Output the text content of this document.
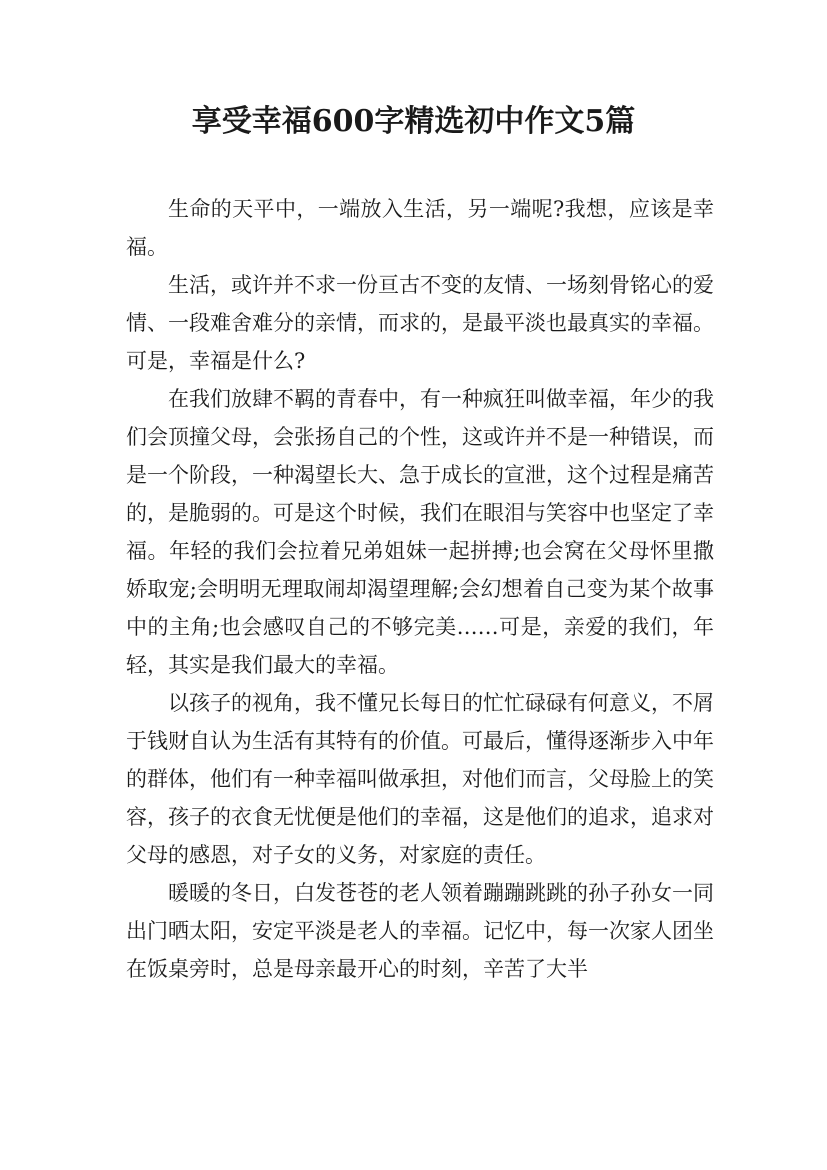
享受幸福600字精选初中作文5篇

生命的天平中，一端放入生活，另一端呢?我想，应该是幸福。

生活，或许并不求一份亘古不变的友情、一场刻骨铭心的爱情、一段难舍难分的亲情，而求的，是最平淡也最真实的幸福。可是，幸福是什么?

在我们放肆不羁的青春中，有一种疯狂叫做幸福，年少的我们会顶撞父母，会张扬自己的个性，这或许并不是一种错误，而是一个阶段，一种渴望长大、急于成长的宣泄，这个过程是痛苦的，是脆弱的。可是这个时候，我们在眼泪与笑容中也坚定了幸福。年轻的我们会拉着兄弟姐妹一起拼搏;也会窝在父母怀里撒娇取宠;会明明无理取闹却渴望理解;会幻想着自己变为某个故事中的主角;也会感叹自己的不够完美……可是，亲爱的我们，年轻，其实是我们最大的幸福。

以孩子的视角，我不懂兄长每日的忙忙碌碌有何意义，不屑于钱财自认为生活有其特有的价值。可最后，懂得逐渐步入中年的群体，他们有一种幸福叫做承担，对他们而言，父母脸上的笑容，孩子的衣食无忧便是他们的幸福，这是他们的追求，追求对父母的感恩，对子女的义务，对家庭的责任。

暖暖的冬日，白发苍苍的老人领着蹦蹦跳跳的孙子孙女一同出门晒太阳，安定平淡是老人的幸福。记忆中，每一次家人团坐在饭桌旁时，总是母亲最开心的时刻，辛苦了大半
